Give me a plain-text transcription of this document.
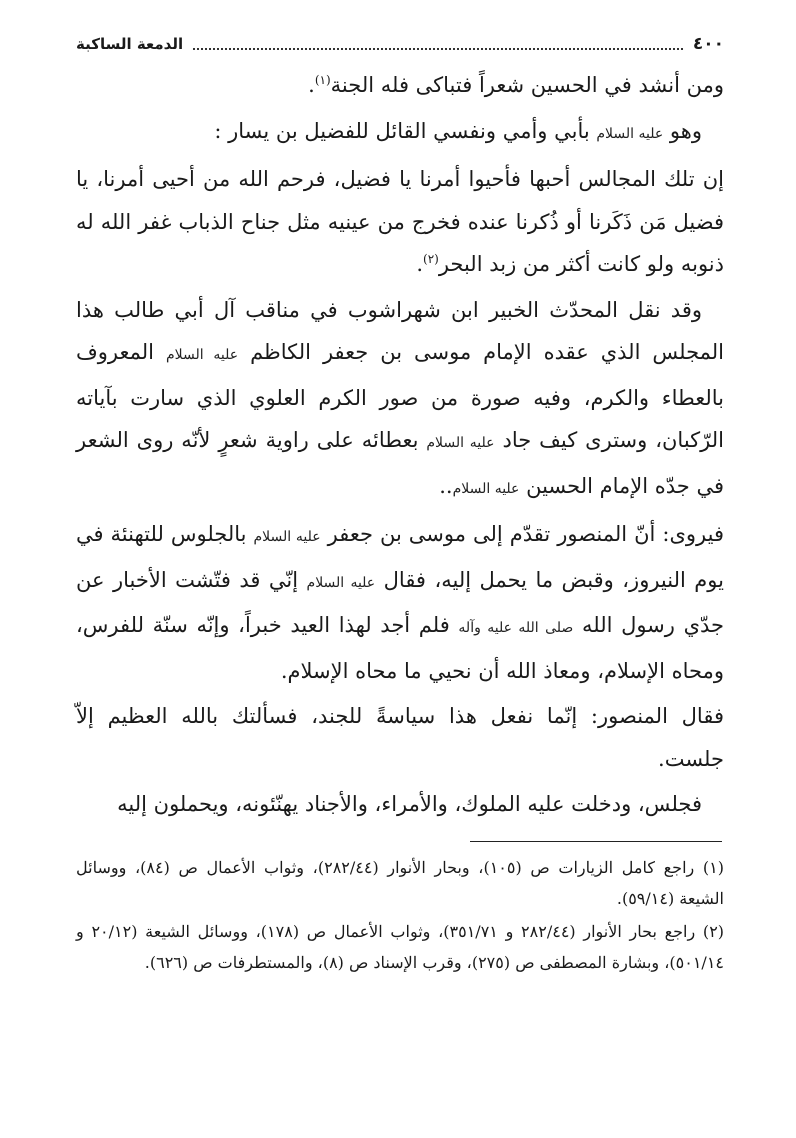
٤٠٠
الدمعة الساكبة

ومن أنشد في الحسين شعراً فتباكى فله الجنة$^{(١)}$.

وهو عليه السلام بأبي وأمي ونفسي القائل للفضيل بن يسار :

إن تلك المجالس أحبها فأحيوا أمرنا يا فضيل، فرحم الله من أحيى أمرنا، يا فضيل مَن ذَكَرنا أو ذُكرنا عنده فخرج من عينيه مثل جناح الذباب غفر الله له ذنوبه ولو كانت أكثر من زبد البحر$^{(٢)}$.

وقد نقل المحدّث الخبير ابن شهراشوب في مناقب آل أبي طالب هذا المجلس الذي عقده الإمام موسى بن جعفر الكاظم عليه السلام المعروف بالعطاء والكرم، وفيه صورة من صور الكرم العلوي الذي سارت بآياته الرّكبان، وسترى كيف جاد عليه السلام بعطائه على راوية شعرٍ لأنّه روى الشعر في جدّه الإمام الحسين عليه السلام..

فيروى: أنّ المنصور تقدّم إلى موسى بن جعفر عليه السلام بالجلوس للتهنئة في يوم النيروز، وقبض ما يحمل إليه، فقال عليه السلام إنّي قد فتّشت الأخبار عن جدّي رسول الله صلى الله عليه وآله فلم أجد لهذا العيد خبراً، وإنّه سنّة للفرس، ومحاه الإسلام، ومعاذ الله أن نحيي ما محاه الإسلام.

فقال المنصور: إنّما نفعل هذا سياسةً للجند، فسألتك بالله العظيم إلاّ جلست.

فجلس، ودخلت عليه الملوك، والأمراء، والأجناد يهنّئونه، ويحملون إليه

(١) راجع كامل الزيارات ص (١٠٥)، وبحار الأنوار (٢٨٢/٤٤)، وثواب الأعمال ص (٨٤)، ووسائل الشيعة (٥٩/١٤).

(٢) راجع بحار الأنوار (٢٨٢/٤٤ و ٣٥١/٧١)، وثواب الأعمال ص (١٧٨)، ووسائل الشيعة (٢٠/١٢ و ٥٠١/١٤)، وبشارة المصطفى ص (٢٧٥)، وقرب الإسناد ص (٨)، والمستطرفات ص (٦٢٦).
